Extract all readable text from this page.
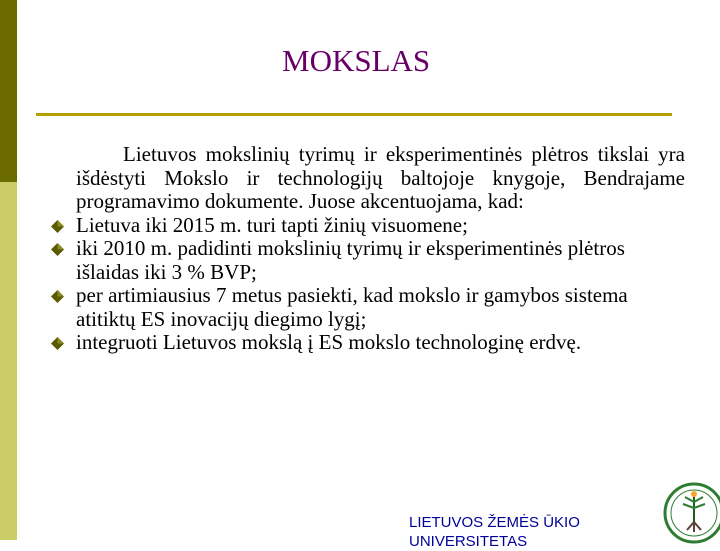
MOKSLAS

Lietuvos mokslinių tyrimų ir eksperimentinės plėtros tikslai yra išdėstyti Mokslo ir technologijų baltojoje knygoje, Bendrajame programavimo dokumente. Juose akcentuojama, kad:

Lietuva iki 2015 m. turi tapti žinių visuomene;
iki 2010 m. padidinti mokslinių tyrimų ir eksperimentinės plėtros išlaidas iki 3 % BVP;
per artimiausius 7 metus pasiekti, kad mokslo ir gamybos sistema atitiktų ES inovacijų diegimo lygį;
integruoti Lietuvos mokslą į ES mokslo technologinę erdvę.
LIETUVOS ŽEMĖS ŪKIO UNIVERSITETAS
